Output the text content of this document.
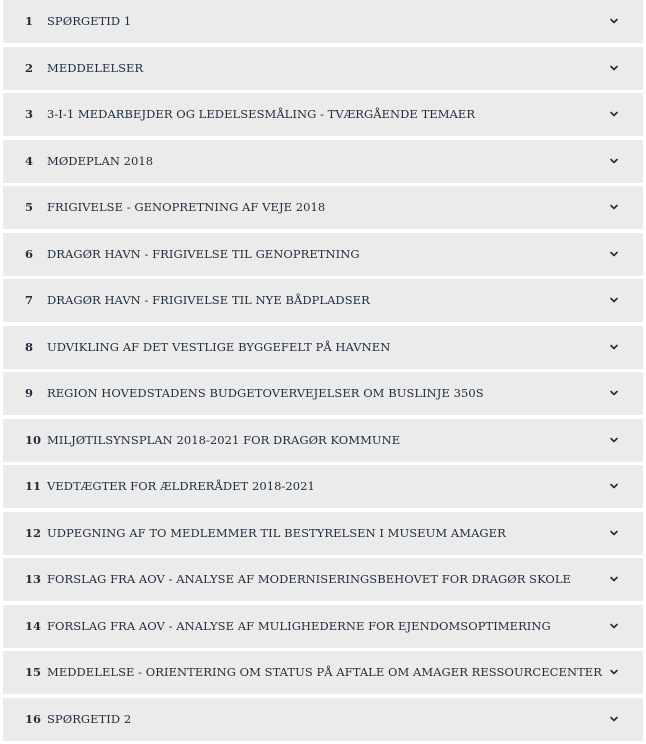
1 SPØRGETID 1
2 MEDDELELSER
3 3-I-1 MEDARBEJDER OG LEDELSESMÅLING - TVÆRGÅENDE TEMAER
4 MØDEPLAN 2018
5 FRIGIVELSE - GENOPRETNING AF VEJE 2018
6 DRAGØR HAVN - FRIGIVELSE TIL GENOPRETNING
7 DRAGØR HAVN - FRIGIVELSE TIL NYE BÅDPLADSER
8 UDVIKLING AF DET VESTLIGE BYGGEFELT PÅ HAVNEN
9 REGION HOVEDSTADENS BUDGETOVERVEJELSER OM BUSLINJE 350S
10 MILJØTILSYNSPLAN 2018-2021 FOR DRAGØR KOMMUNE
11 VEDTÆGTER FOR ÆLDRERÅDET 2018-2021
12 UDPEGNING AF TO MEDLEMMER TIL BESTYRELSEN I MUSEUM AMAGER
13 FORSLAG FRA AOV - ANALYSE AF MODERNISERINGSBEHOVET FOR DRAGØR SKOLE
14 FORSLAG FRA AOV - ANALYSE AF MULIGHEDERNE FOR EJENDOMSOPTIMERING
15 MEDDELELSE - ORIENTERING OM STATUS PÅ AFTALE OM AMAGER RESSOURCECENTER
16 SPØRGETID 2
